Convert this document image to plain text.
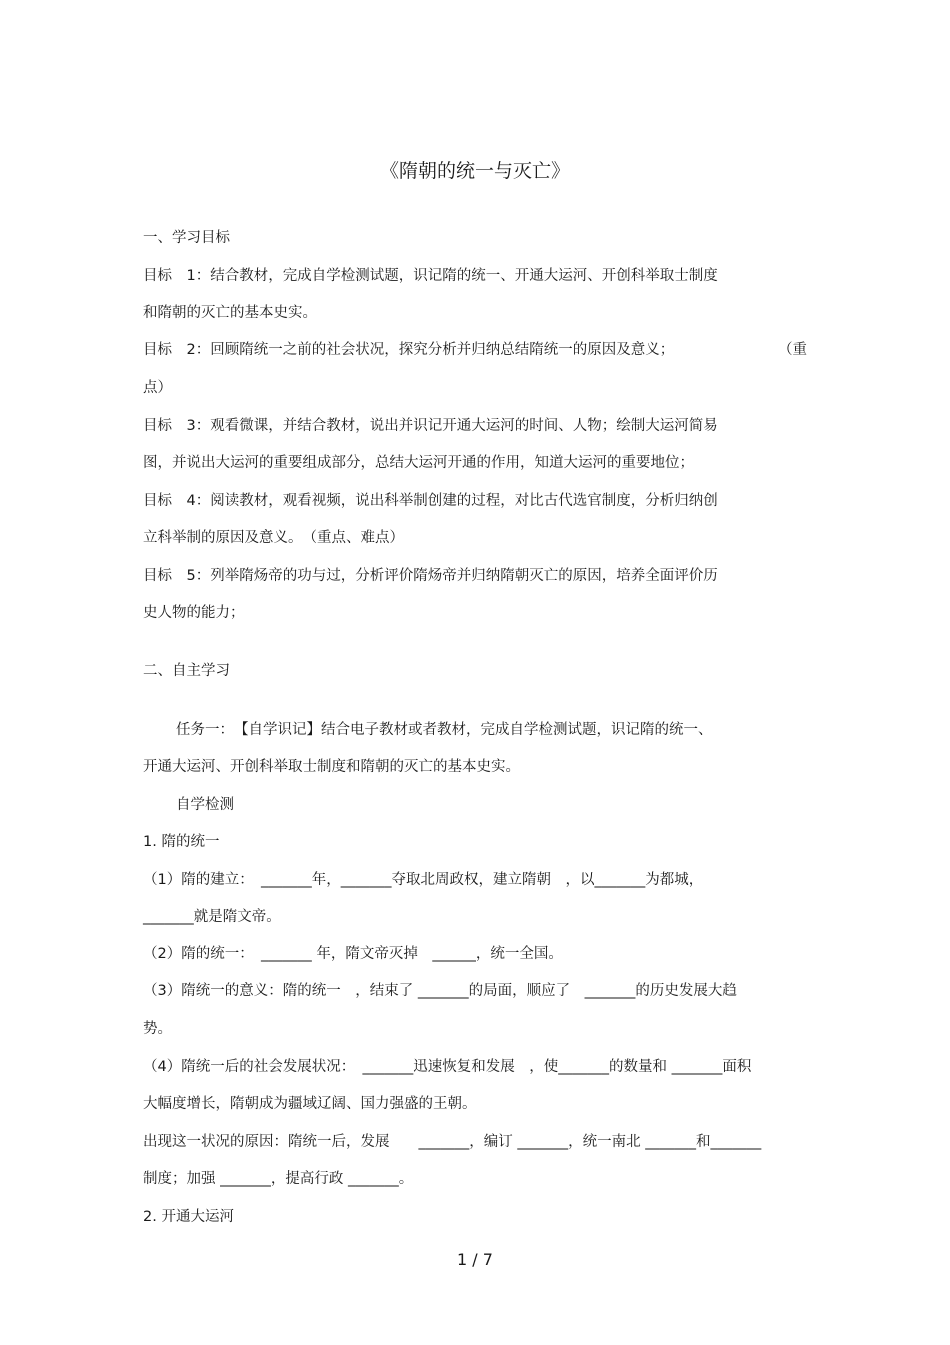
《隋朝的统一与灭亡》
一、学习目标
目标　1：结合教材，完成自学检测试题，识记隋的统一、开通大运河、开创科举取士制度
和隋朝的灭亡的基本史实。
目标　2：回顾隋统一之前的社会状况，探究分析并归纳总结隋统一的原因及意义；	（重
点）
目标　3：观看微课，并结合教材，说出并识记开通大运河的时间、人物；绘制大运河简易
图，并说出大运河的重要组成部分，总结大运河开通的作用，知道大运河的重要地位；
目标　4：阅读教材，观看视频，说出科举制创建的过程，对比古代选官制度，分析归纳创
立科举制的原因及意义。　（重点、难点）
目标　5：列举隋炀帝的功与过，分析评价隋炀帝并归纳隋朝灭亡的原因，培养全面评价历
史人物的能力；
二、自主学习
任务一：　【自学识记】结合电子教材或者教材，完成自学检测试题，识记隋的统一、
开通大运河、开创科举取士制度和隋朝的灭亡的基本史实。
自学检测
1. 隋的统一
（1）隋的建立：　_______年，_______夺取北周政权，建立隋朝　，以_______为都城，
_______就是隋文帝。
（2）隋的统一：　_______ 年，隋文帝灭掉　______，统一全国。
（3）隋统一的意义：隋的统一　，结束了 _______的局面，顺应了　_______的历史发展大趋
势。
（4）隋统一后的社会发展状况：　_______迅速恢复和发展　，使_______的数量和 _______面积
大幅度增长，隋朝成为疆域辽阔、国力强盛的王朝。
出现这一状况的原因：隋统一后，发展　　_______，编订 _______，统一南北 _______和_______
制度；加强 _______，提高行政 _______。
2. 开通大运河
1 / 7
